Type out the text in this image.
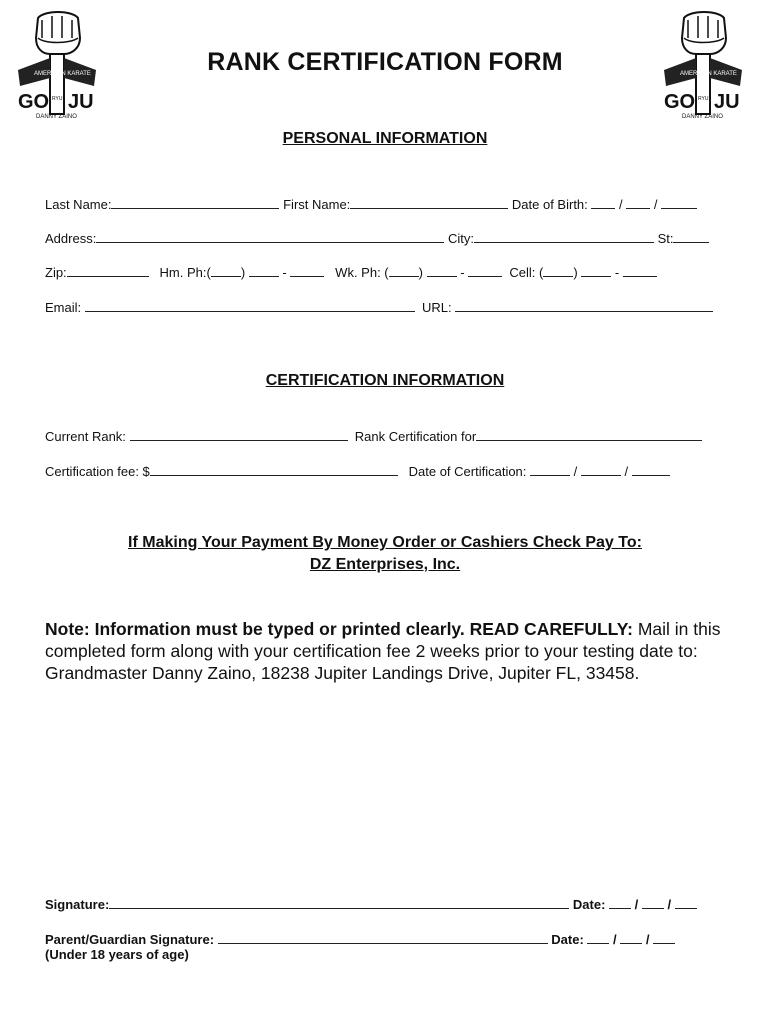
AMERICAN KARATE
GO JU
RYU
DANNY ZAINO
AMERICAN KARATE
GO JU
RYU
DANNY ZAINO
RANK CERTIFICATION FORM
PERSONAL INFORMATION
Last Name:	First Name:	Date of Birth:  /  /
Address:	City:	St:
Zip:	Hm. Ph:( )  -	Wk. Ph: ( )  -	Cell: ( )  -
Email:	URL:
CERTIFICATION INFORMATION
Current Rank:	Rank Certification for
Certification fee: $	Date of Certification:	/	/
If Making Your Payment By Money Order or Cashiers Check Pay To:
DZ Enterprises, Inc.
Note: Information must be typed or printed clearly. READ CAREFULLY: Mail in this completed form along with your certification fee 2 weeks prior to your testing date to: Grandmaster Danny Zaino, 18238 Jupiter Landings Drive, Jupiter FL, 33458.
Signature:	Date:  /  /
Parent/Guardian Signature:	Date:  /  /
(Under 18 years of age)
